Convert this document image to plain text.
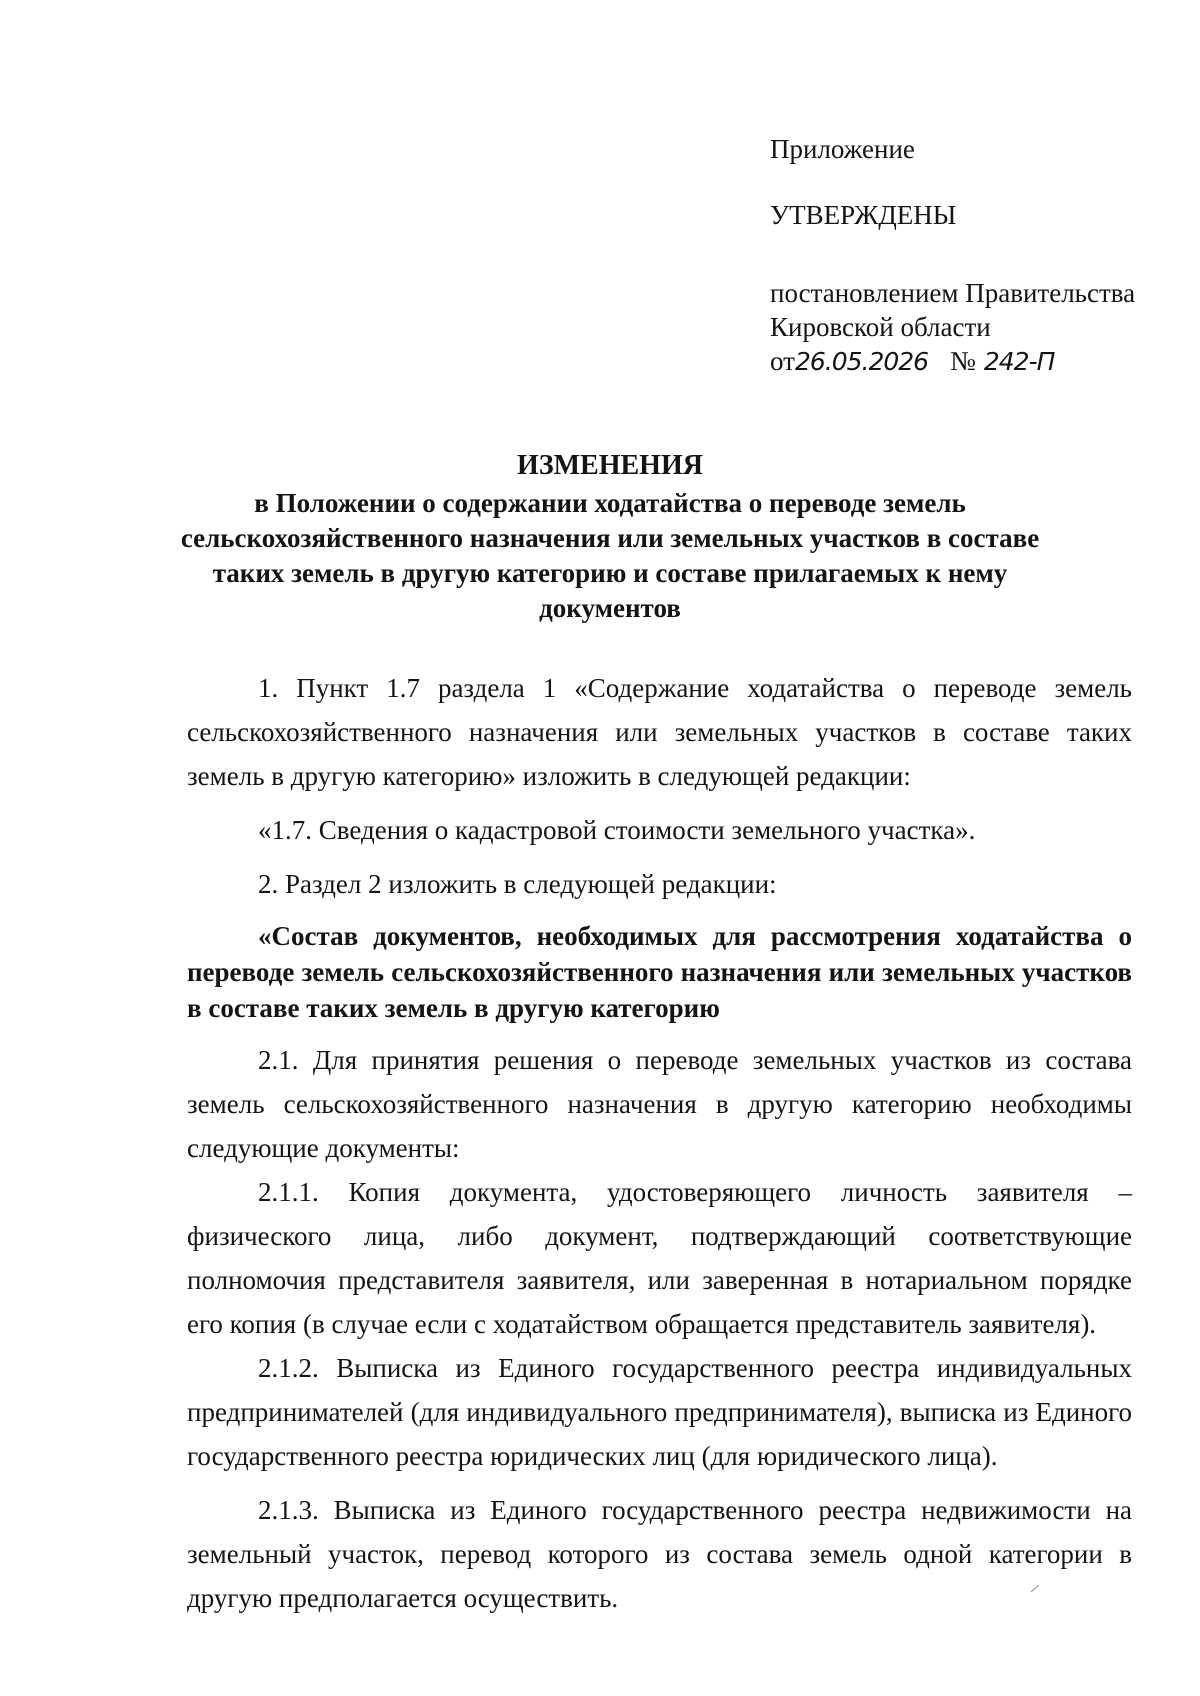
Приложение
УТВЕРЖДЕНЫ
постановлением Правительства
Кировской области
от26.05.2026 № 242-П
ИЗМЕНЕНИЯ
в Положении о содержании ходатайства о переводе земель
сельскохозяйственного назначения или земельных участков в составе
таких земель в другую категорию и составе прилагаемых к нему
документов

1. Пункт 1.7 раздела 1 «Содержание ходатайства о переводе земель сельскохозяйственного назначения или земельных участков в составе таких земель в другую категорию» изложить в следующей редакции:

«1.7. Сведения о кадастровой стоимости земельного участка».

2. Раздел 2 изложить в следующей редакции:

«Состав документов, необходимых для рассмотрения ходатайства о переводе земель сельскохозяйственного назначения или земельных участков в составе таких земель в другую категорию

2.1. Для принятия решения о переводе земельных участков из состава земель сельскохозяйственного назначения в другую категорию необходимы следующие документы:

2.1.1. Копия документа, удостоверяющего личность заявителя – физического лица, либо документ, подтверждающий соответствующие полномочия представителя заявителя, или заверенная в нотариальном порядке его копия (в случае если с ходатайством обращается представитель заявителя).

2.1.2. Выписка из Единого государственного реестра индивидуальных предпринимателей (для индивидуального предпринимателя), выписка из Единого государственного реестра юридических лиц (для юридического лица).

2.1.3. Выписка из Единого государственного реестра недвижимости на земельный участок, перевод которого из состава земель одной категории в другую предполагается осуществить.
